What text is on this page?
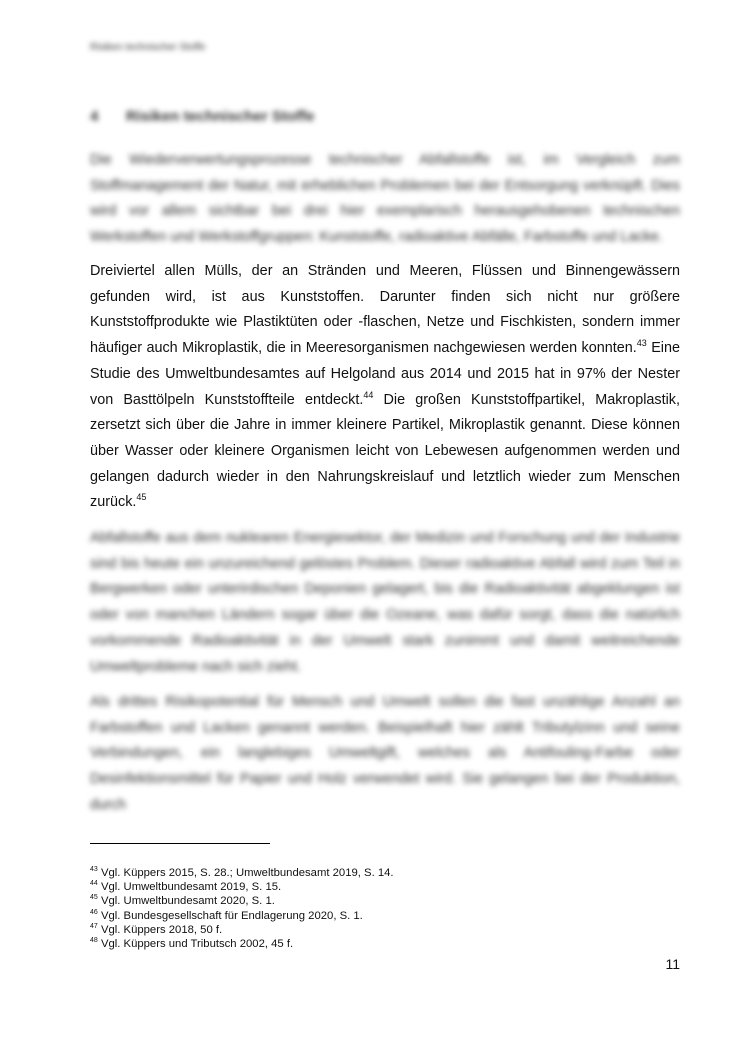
Risiken technischer Stoffe
4 Risiken technischer Stoffe
Die Wiederverwertungsprozesse technischer Abfallstoffe ist, im Vergleich zum Stoffmanagement der Natur, mit erheblichen Problemen bei der Entsorgung verknüpft. Dies wird vor allem sichtbar bei drei hier exemplarisch herausgehobenen technischen Werkstoffen und Werkstoffgruppen: Kunststoffe, radioaktive Abfälle, Farbstoffe und Lacke.
Dreiviertel allen Mülls, der an Stränden und Meeren, Flüssen und Binnengewässern gefunden wird, ist aus Kunststoffen. Darunter finden sich nicht nur größere Kunststoffprodukte wie Plastiktüten oder -flaschen, Netze und Fischkisten, sondern immer häufiger auch Mikroplastik, die in Meeresorganismen nachgewiesen werden konnten.$^{43}$ Eine Studie des Umweltbundesamtes auf Helgoland aus 2014 und 2015 hat in 97% der Nester von Basttölpeln Kunststoffteile entdeckt.$^{44}$ Die großen Kunststoffpartikel, Makroplastik, zersetzt sich über die Jahre in immer kleinere Partikel, Mikroplastik genannt. Diese können über Wasser oder kleinere Organismen leicht von Lebewesen aufgenommen werden und gelangen dadurch wieder in den Nahrungskreislauf und letztlich wieder zum Menschen zurück.$^{45}$
Abfallstoffe aus dem nuklearen Energiesektor, der Medizin und Forschung und der Industrie sind bis heute ein unzureichend gelöstes Problem. Dieser radioaktive Abfall wird zum Teil in Bergwerken oder unterirdischen Deponien gelagert, bis die Radioaktivität abgeklungen ist oder von manchen Ländern sogar über die Ozeane, was dafür sorgt, dass die natürlich vorkommende Radioaktivität in der Umwelt stark zunimmt und damit weitreichende Umweltprobleme nach sich zieht.
Als drittes Risikopotential für Mensch und Umwelt sollen die fast unzählige Anzahl an Farbstoffen und Lacken genannt werden. Beispielhaft hier zählt Tributylzinn und seine Verbindungen, ein langlebiges Umweltgift, welches als Antifouling-Farbe oder Desinfektionsmittel für Papier und Holz verwendet wird. Sie gelangen bei der Produktion, durch
$^{43}$ Vgl. Küppers 2015, S. 28.; Umweltbundesamt 2019, S. 14.
$^{44}$ Vgl. Umweltbundesamt 2019, S. 15.
$^{45}$ Vgl. Umweltbundesamt 2020, S. 1.
$^{46}$ Vgl. Bundesgesellschaft für Endlagerung 2020, S. 1.
$^{47}$ Vgl. Küppers 2018, 50 f.
$^{48}$ Vgl. Küppers und Tributsch 2002, 45 f.
11
